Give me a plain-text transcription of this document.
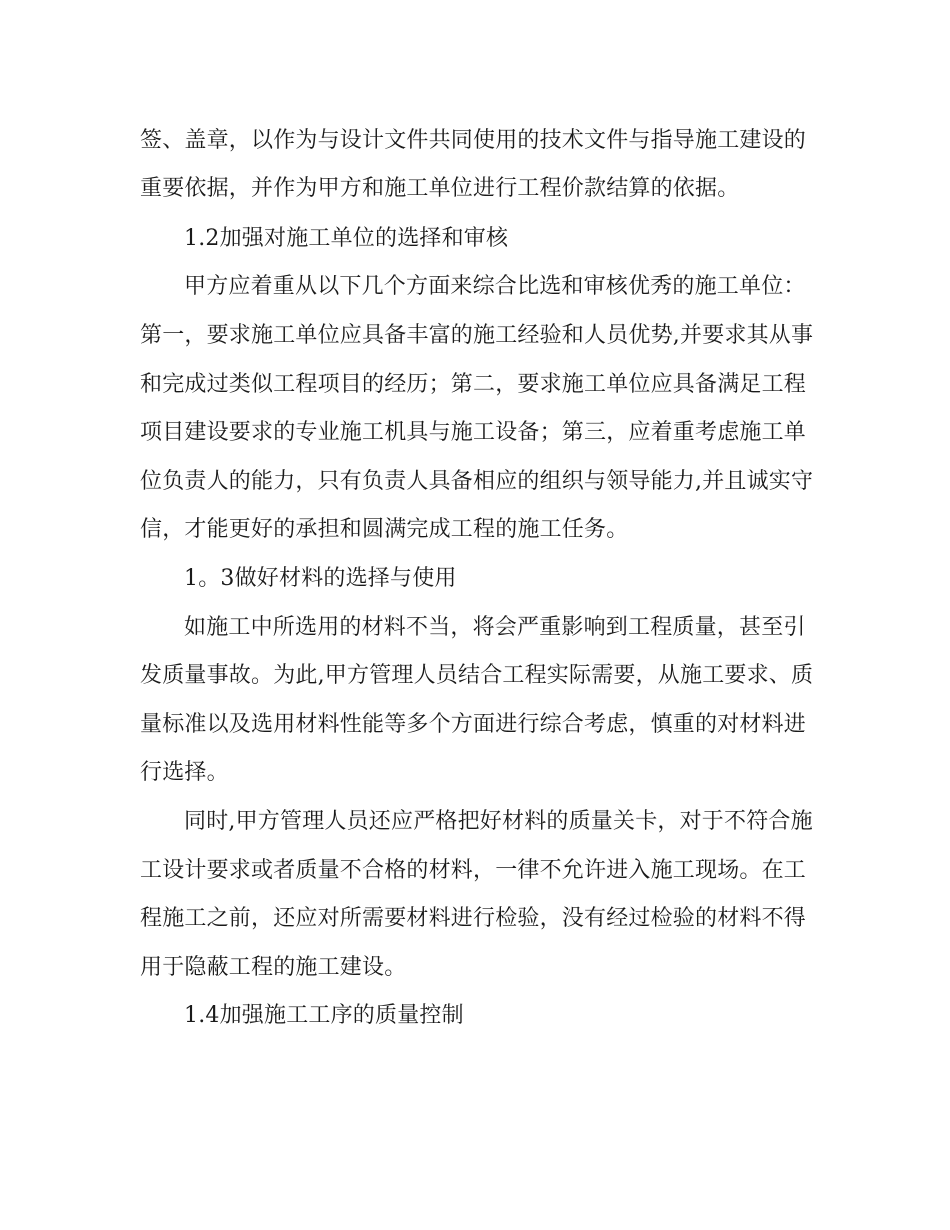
签、盖章，以作为与设计文件共同使用的技术文件与指导施工建设的
重要依据，并作为甲方和施工单位进行工程价款结算的依据。
1.2加强对施工单位的选择和审核
甲方应着重从以下几个方面来综合比选和审核优秀的施工单位：
第一，要求施工单位应具备丰富的施工经验和人员优势,并要求其从事
和完成过类似工程项目的经历；第二，要求施工单位应具备满足工程
项目建设要求的专业施工机具与施工设备；第三，应着重考虑施工单
位负责人的能力，只有负责人具备相应的组织与领导能力,并且诚实守
信，才能更好的承担和圆满完成工程的施工任务。
1。3做好材料的选择与使用
如施工中所选用的材料不当，将会严重影响到工程质量，甚至引
发质量事故。为此,甲方管理人员结合工程实际需要，从施工要求、质
量标准以及选用材料性能等多个方面进行综合考虑，慎重的对材料进
行选择。
同时,甲方管理人员还应严格把好材料的质量关卡，对于不符合施
工设计要求或者质量不合格的材料，一律不允许进入施工现场。在工
程施工之前，还应对所需要材料进行检验，没有经过检验的材料不得
用于隐蔽工程的施工建设。
1.4加强施工工序的质量控制
